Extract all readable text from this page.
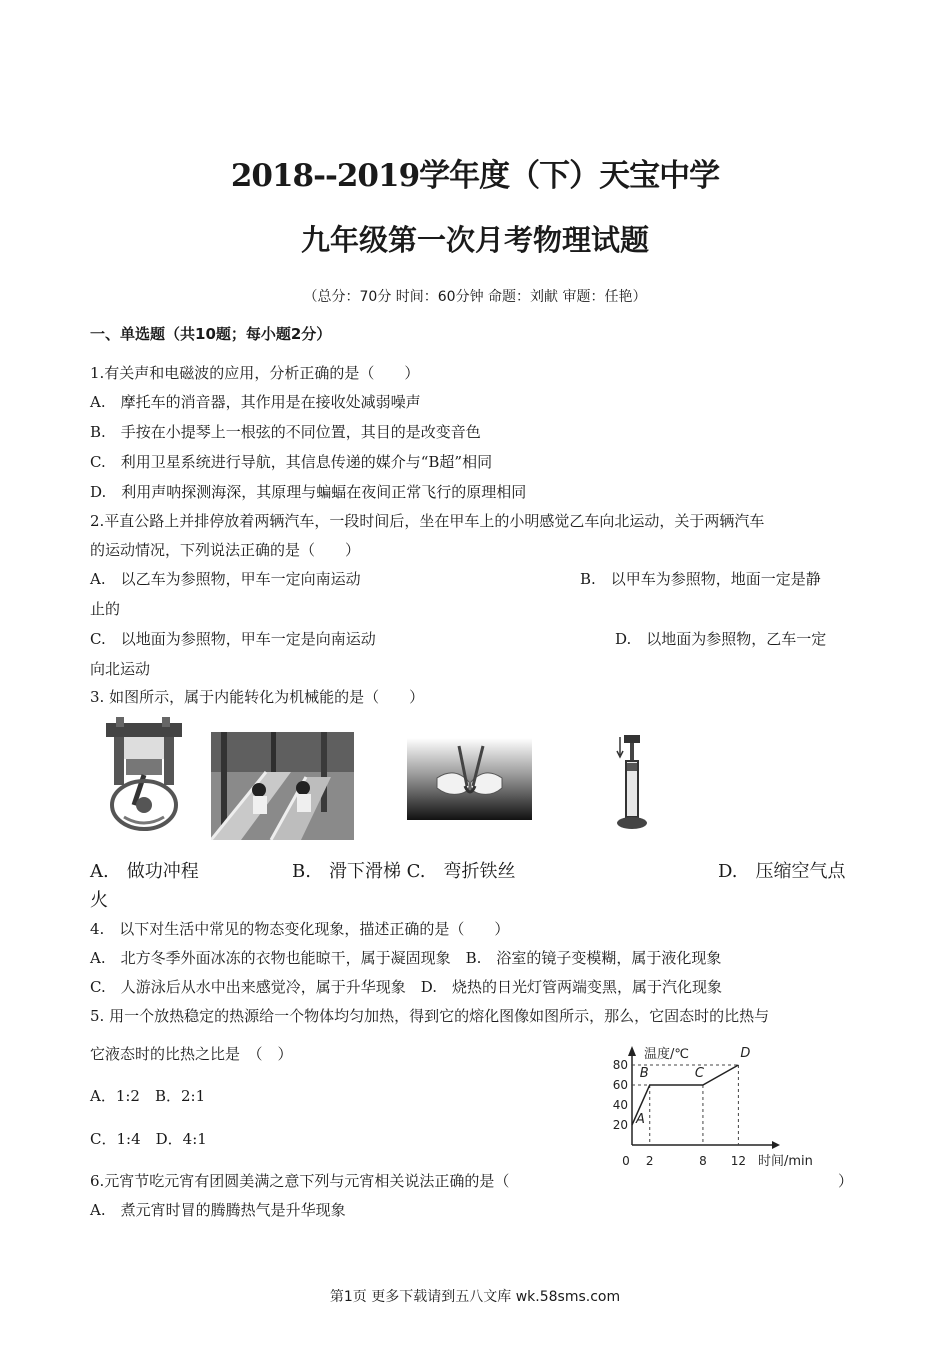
2018--2019学年度（下）天宝中学
九年级第一次月考物理试题
（总分：70分 时间：60分钟 命题：刘献 审题：任艳）
一、单选题（共10题；每小题2分）
1.有关声和电磁波的应用，分析正确的是（　　）
A.　摩托车的消音器，其作用是在接收处减弱噪声
B.　手按在小提琴上一根弦的不同位置，其目的是改变音色
C.　利用卫星系统进行导航，其信息传递的媒介与“B超”相同
D.　利用声呐探测海深，其原理与蝙蝠在夜间正常飞行的原理相同
2.平直公路上并排停放着两辆汽车，一段时间后，坐在甲车上的小明感觉乙车向北运动，关于两辆汽车
的运动情况，下列说法正确的是（　　）
A.　以乙车为参照物，甲车一定向南运动	B.　以甲车为参照物，地面一定是静
止的
C.　以地面为参照物，甲车一定是向南运动	D.　以地面为参照物，乙车一定
向北运动
3. 如图所示，属于内能转化为机械能的是（　　）
A.　做功冲程	B.　滑下滑梯 C.　弯折铁丝	D.　压缩空气点
火
4.　以下对生活中常见的物态变化现象，描述正确的是（　　）
A.　北方冬季外面冰冻的衣物也能晾干，属于凝固现象　B.　浴室的镜子变模糊，属于液化现象
C.　人游泳后从水中出来感觉冷，属于升华现象　D.　烧热的日光灯管两端变黑，属于汽化现象
5. 用一个放热稳定的热源给一个物体均匀加热，得到它的熔化图像如图所示，那么，它固态时的比热与
它液态时的比热之比是　（　）
A．1:2　B．2:1
C．1:4　D．4:1
温度/℃
时间/min
20
40
60
80
0 2	8 12
A
B	C
D
6.元宵节吃元宵有团圆美满之意下列与元宵相关说法正确的是（	）
A.　煮元宵时冒的腾腾热气是升华现象
第1页 更多下载请到五八文库 wk.58sms.com
